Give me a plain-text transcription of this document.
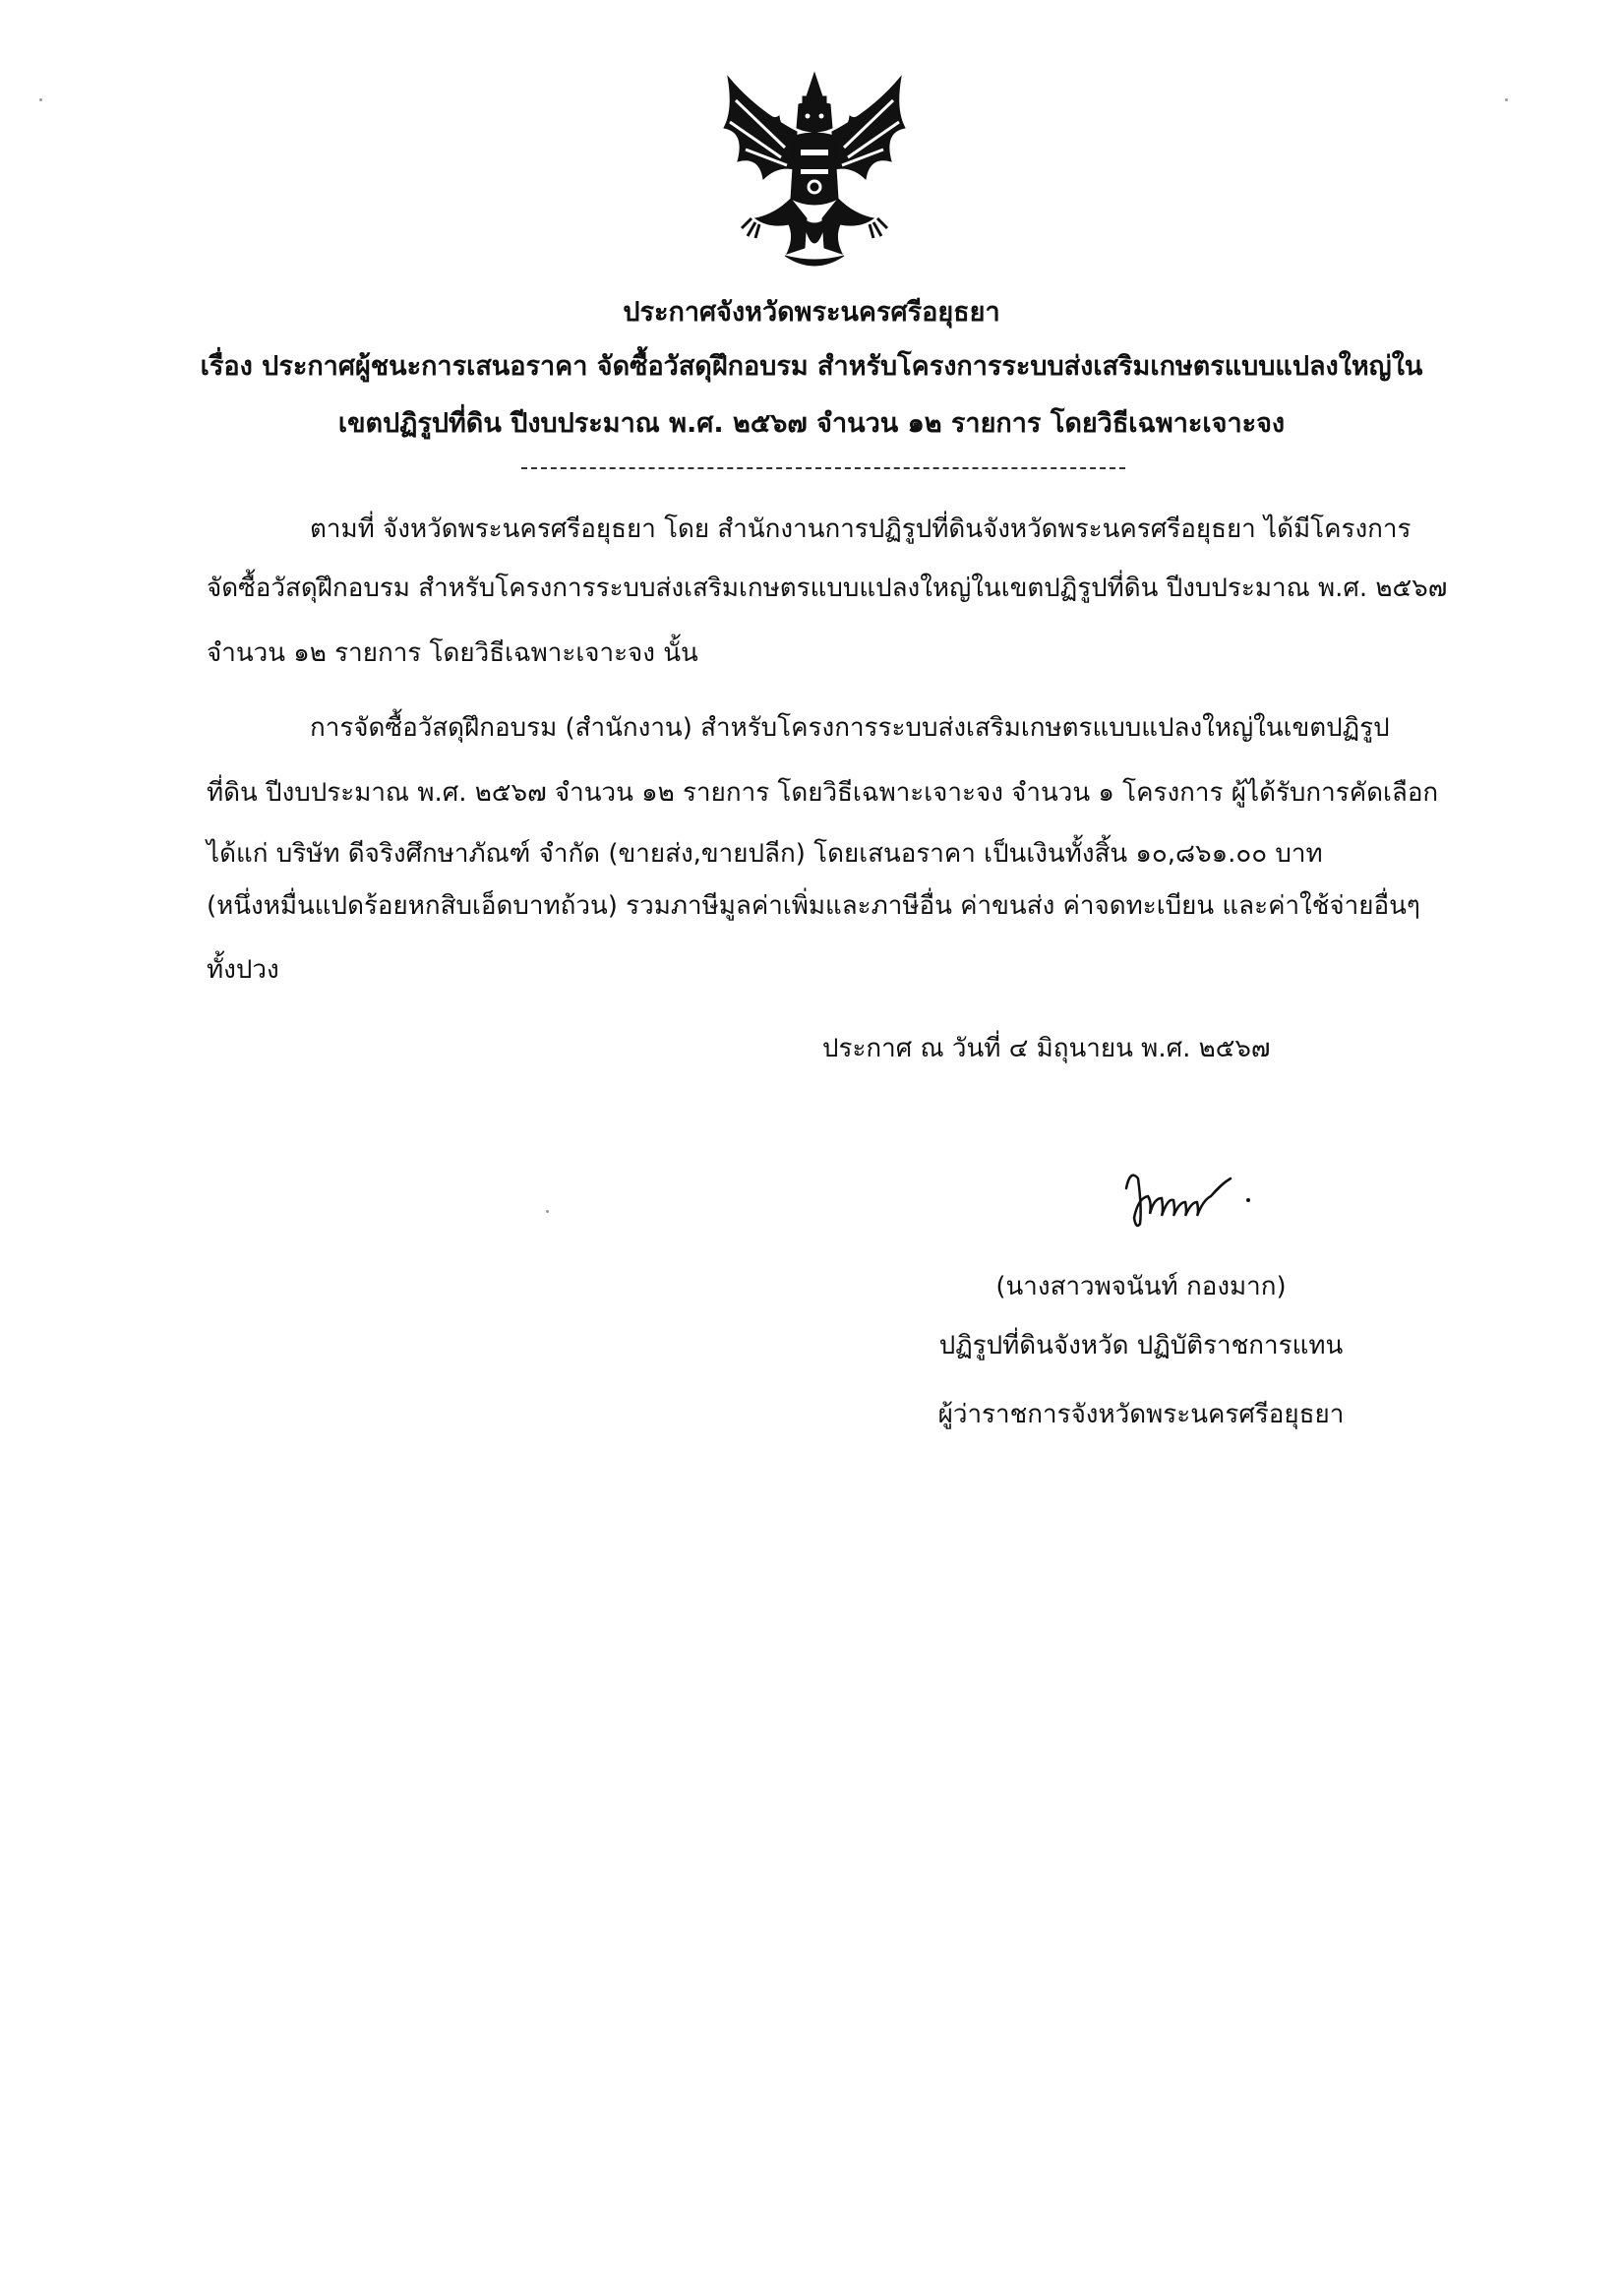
ประกาศจังหวัดพระนครศรีอยุธยา
เรื่อง ประกาศผู้ชนะการเสนอราคา จัดซื้อวัสดุฝึกอบรม สำหรับโครงการระบบส่งเสริมเกษตรแบบแปลงใหญ่ใน
เขตปฏิรูปที่ดิน ปีงบประมาณ พ.ศ. ๒๕๖๗ จำนวน ๑๒ รายการ โดยวิธีเฉพาะเจาะจง
ตามที่ จังหวัดพระนครศรีอยุธยา โดย สำนักงานการปฏิรูปที่ดินจังหวัดพระนครศรีอยุธยา ได้มีโครงการ
จัดซื้อวัสดุฝึกอบรม สำหรับโครงการระบบส่งเสริมเกษตรแบบแปลงใหญ่ในเขตปฏิรูปที่ดิน ปีงบประมาณ พ.ศ. ๒๕๖๗
จำนวน ๑๒ รายการ โดยวิธีเฉพาะเจาะจง นั้น
การจัดซื้อวัสดุฝึกอบรม (สำนักงาน) สำหรับโครงการระบบส่งเสริมเกษตรแบบแปลงใหญ่ในเขตปฏิรูป
ที่ดิน ปีงบประมาณ พ.ศ. ๒๕๖๗ จำนวน ๑๒ รายการ โดยวิธีเฉพาะเจาะจง จำนวน ๑ โครงการ ผู้ได้รับการคัดเลือก
ได้แก่ บริษัท ดีจริงศึกษาภัณฑ์ จำกัด (ขายส่ง,ขายปลีก) โดยเสนอราคา เป็นเงินทั้งสิ้น ๑๐,๘๖๑.๐๐ บาท
(หนึ่งหมื่นแปดร้อยหกสิบเอ็ดบาทถ้วน) รวมภาษีมูลค่าเพิ่มและภาษีอื่น ค่าขนส่ง ค่าจดทะเบียน และค่าใช้จ่ายอื่นๆ
ทั้งปวง
ประกาศ ณ วันที่ ๔ มิถุนายน พ.ศ. ๒๕๖๗
(นางสาวพจนันท์ กองมาก)
ปฏิรูปที่ดินจังหวัด ปฏิบัติราชการแทน
ผู้ว่าราชการจังหวัดพระนครศรีอยุธยา
